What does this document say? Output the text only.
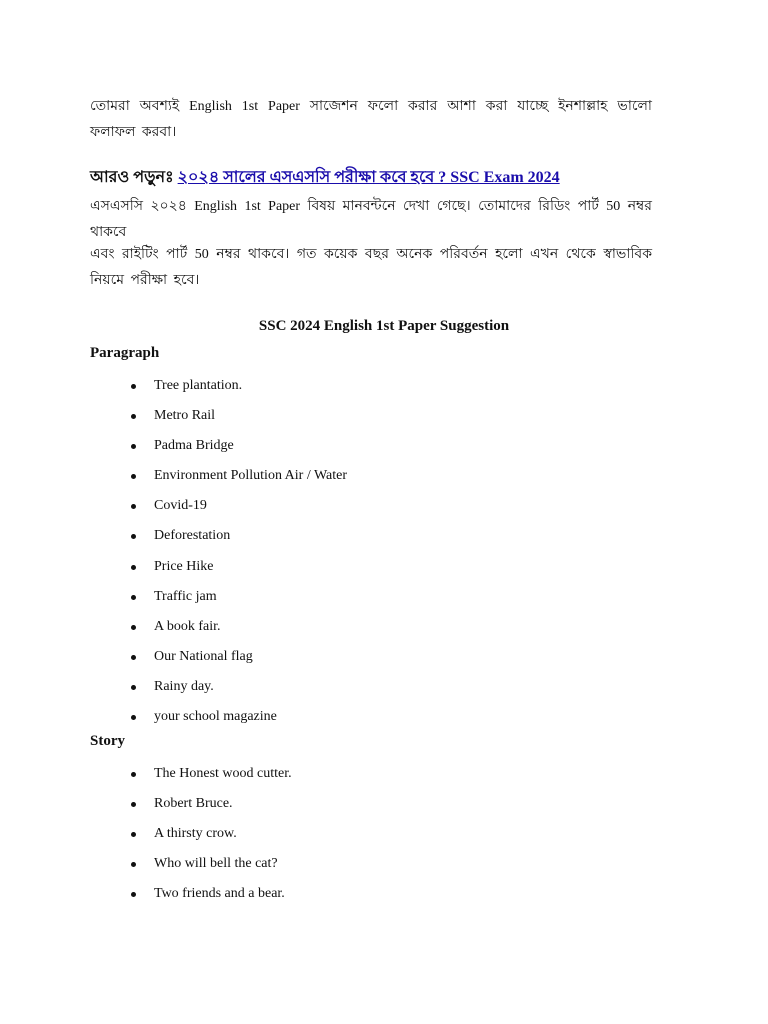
তোমরা অবশ্যই English 1st Paper সাজেশন ফলো করার আশা করা যাচ্ছে ইনশাল্লাহ ভালো ফলাফল করবা।

আরও পড়ুনঃ ২০২৪ সালের এসএসসি পরীক্ষা কবে হবে ? SSC Exam 2024

এসএসসি ২০২৪ English 1st Paper বিষয় মানবন্টনে দেখা গেছে। তোমাদের রিডিং পার্ট 50 নম্বর থাকবে

এবং রাইটিং পার্ট 50 নম্বর থাকবে। গত কয়েক বছর অনেক পরিবর্তন হলো এখন থেকে স্বাভাবিক নিয়মে পরীক্ষা হবে।

SSC 2024 English 1st Paper Suggestion
Paragraph
Tree plantation.
Metro Rail
Padma Bridge
Environment Pollution Air / Water
Covid-19
Deforestation
Price Hike
Traffic jam
A book fair.
Our National flag
Rainy day.
your school magazine
Story
The Honest wood cutter.
Robert Bruce.
A thirsty crow.
Who will bell the cat?
Two friends and a bear.
